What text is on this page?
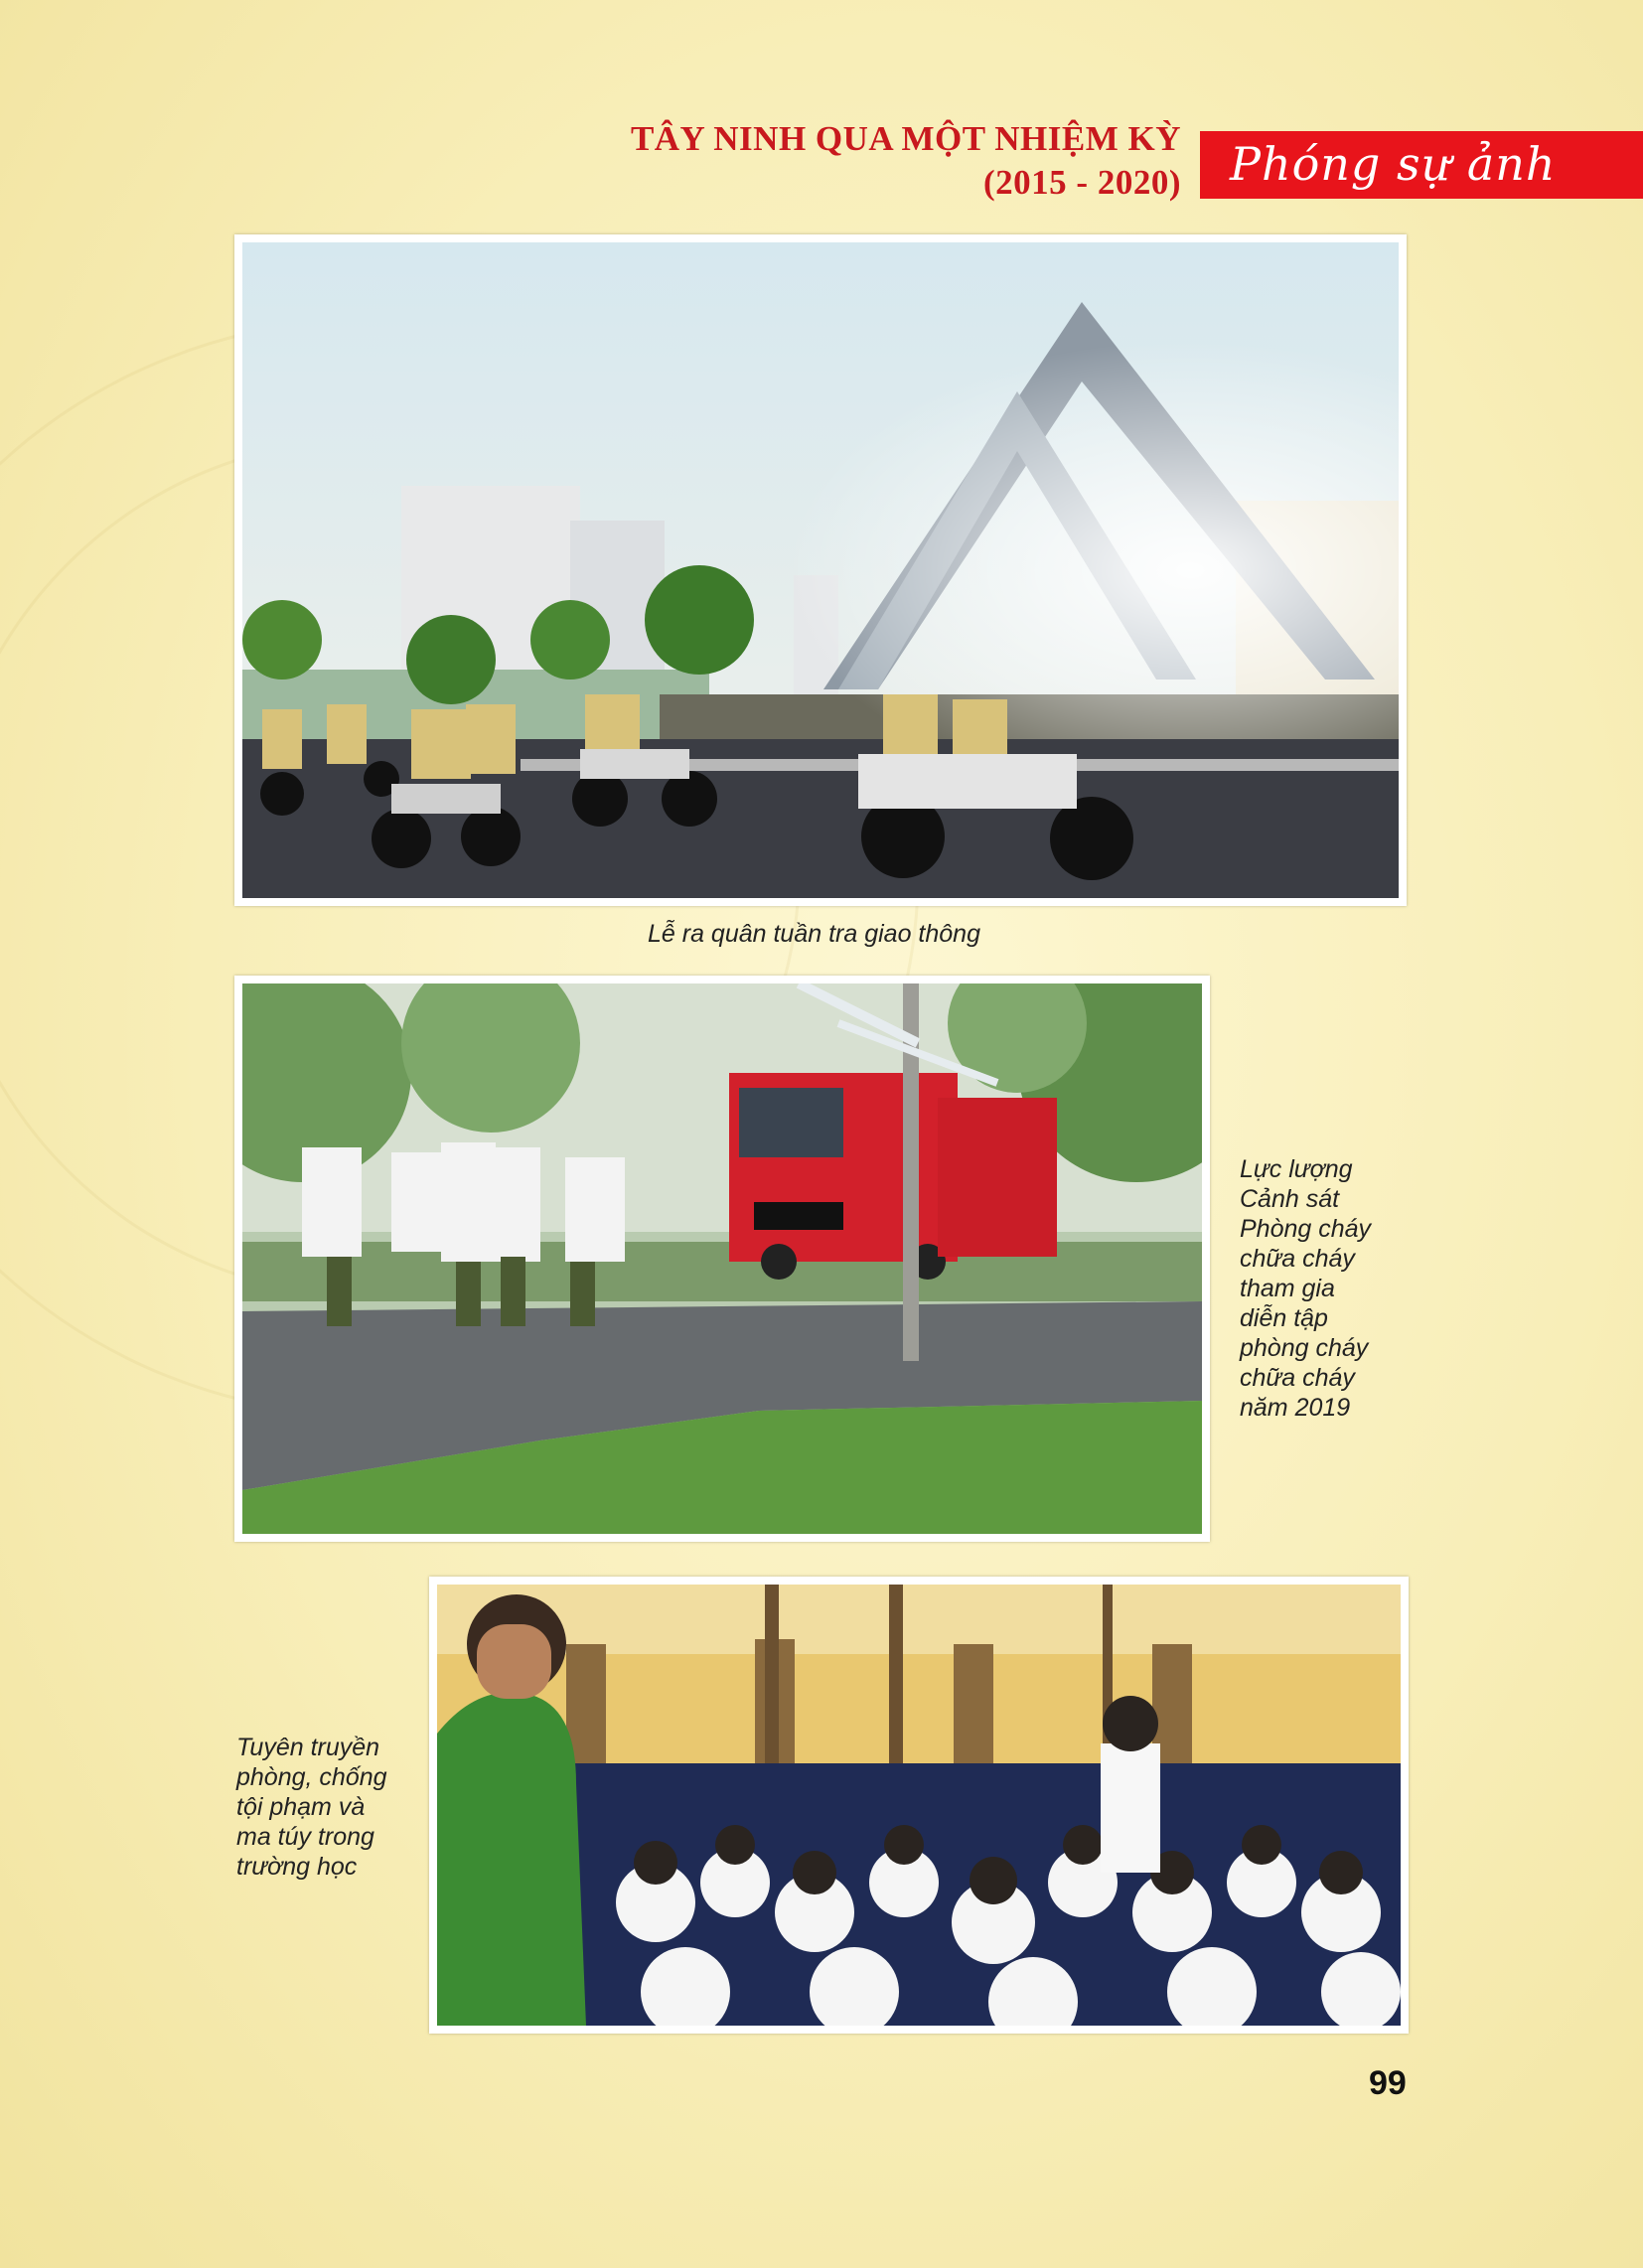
TÂY NINH QUA MỘT NHIỆM KỲ
(2015 - 2020) Phóng sự ảnh
Lễ ra quân tuần tra giao thông
Lực lượng
Cảnh sát
Phòng cháy
chữa cháy
tham gia
diễn tập
phòng cháy
chữa cháy
năm 2019
Tuyên truyền
phòng, chống
tội phạm và
ma túy trong
trường học
99
